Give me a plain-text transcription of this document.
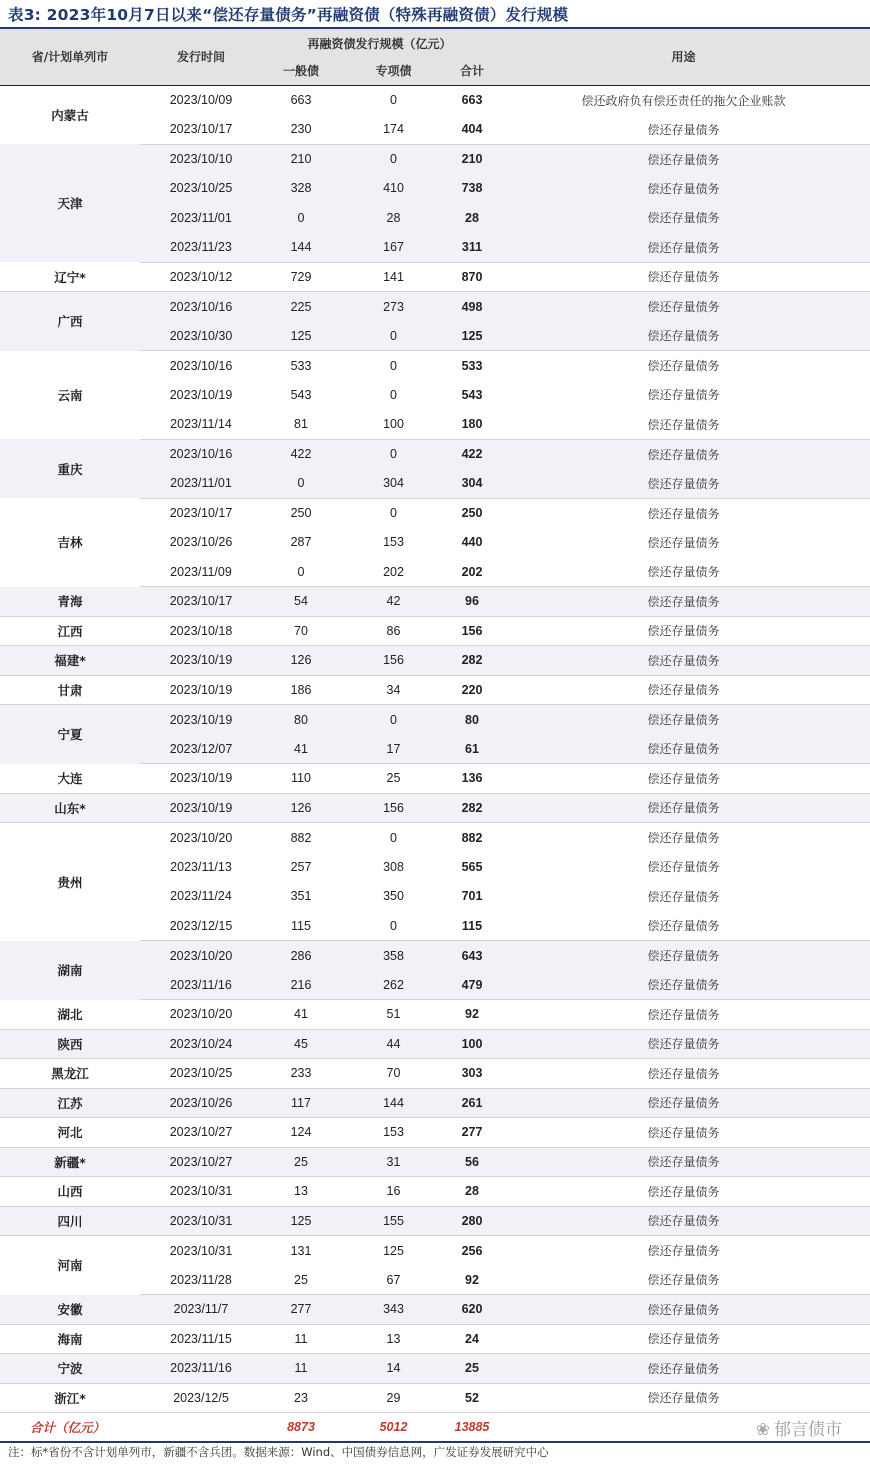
表3: 2023年10月7日以来“偿还存量债务”再融资债（特殊再融资债）发行规模
省/计划单列市	发行时间	再融资债发行规模（亿元）			用途
		一般债	专项债	合计	
内蒙古	2023/10/09	663	0	663	偿还政府负有偿还责任的拖欠企业账款
	2023/10/17	230	174	404	偿还存量债务
天津	2023/10/10	210	0	210	偿还存量债务
	2023/10/25	328	410	738	偿还存量债务
	2023/11/01	0	28	28	偿还存量债务
	2023/11/23	144	167	311	偿还存量债务
辽宁*	2023/10/12	729	141	870	偿还存量债务
广西	2023/10/16	225	273	498	偿还存量债务
	2023/10/30	125	0	125	偿还存量债务
云南	2023/10/16	533	0	533	偿还存量债务
	2023/10/19	543	0	543	偿还存量债务
	2023/11/14	81	100	180	偿还存量债务
重庆	2023/10/16	422	0	422	偿还存量债务
	2023/11/01	0	304	304	偿还存量债务
吉林	2023/10/17	250	0	250	偿还存量债务
	2023/10/26	287	153	440	偿还存量债务
	2023/11/09	0	202	202	偿还存量债务
青海	2023/10/17	54	42	96	偿还存量债务
江西	2023/10/18	70	86	156	偿还存量债务
福建*	2023/10/19	126	156	282	偿还存量债务
甘肃	2023/10/19	186	34	220	偿还存量债务
宁夏	2023/10/19	80	0	80	偿还存量债务
	2023/12/07	41	17	61	偿还存量债务
大连	2023/10/19	110	25	136	偿还存量债务
山东*	2023/10/19	126	156	282	偿还存量债务
贵州	2023/10/20	882	0	882	偿还存量债务
	2023/11/13	257	308	565	偿还存量债务
	2023/11/24	351	350	701	偿还存量债务
	2023/12/15	115	0	115	偿还存量债务
湖南	2023/10/20	286	358	643	偿还存量债务
	2023/11/16	216	262	479	偿还存量债务
湖北	2023/10/20	41	51	92	偿还存量债务
陕西	2023/10/24	45	44	100	偿还存量债务
黑龙江	2023/10/25	233	70	303	偿还存量债务
江苏	2023/10/26	117	144	261	偿还存量债务
河北	2023/10/27	124	153	277	偿还存量债务
新疆*	2023/10/27	25	31	56	偿还存量债务
山西	2023/10/31	13	16	28	偿还存量债务
四川	2023/10/31	125	155	280	偿还存量债务
河南	2023/10/31	131	125	256	偿还存量债务
	2023/11/28	25	67	92	偿还存量债务
安徽	2023/11/7	277	343	620	偿还存量债务
海南	2023/11/15	11	13	24	偿还存量债务
宁波	2023/11/16	11	14	25	偿还存量债务
浙江*	2023/12/5	23	29	52	偿还存量债务
合计（亿元）		8873	5012	13885		❀ 郁言债市
注：标*省份不含计划单列市，新疆不含兵团。数据来源：Wind、中国债券信息网，广发证券发展研究中心
